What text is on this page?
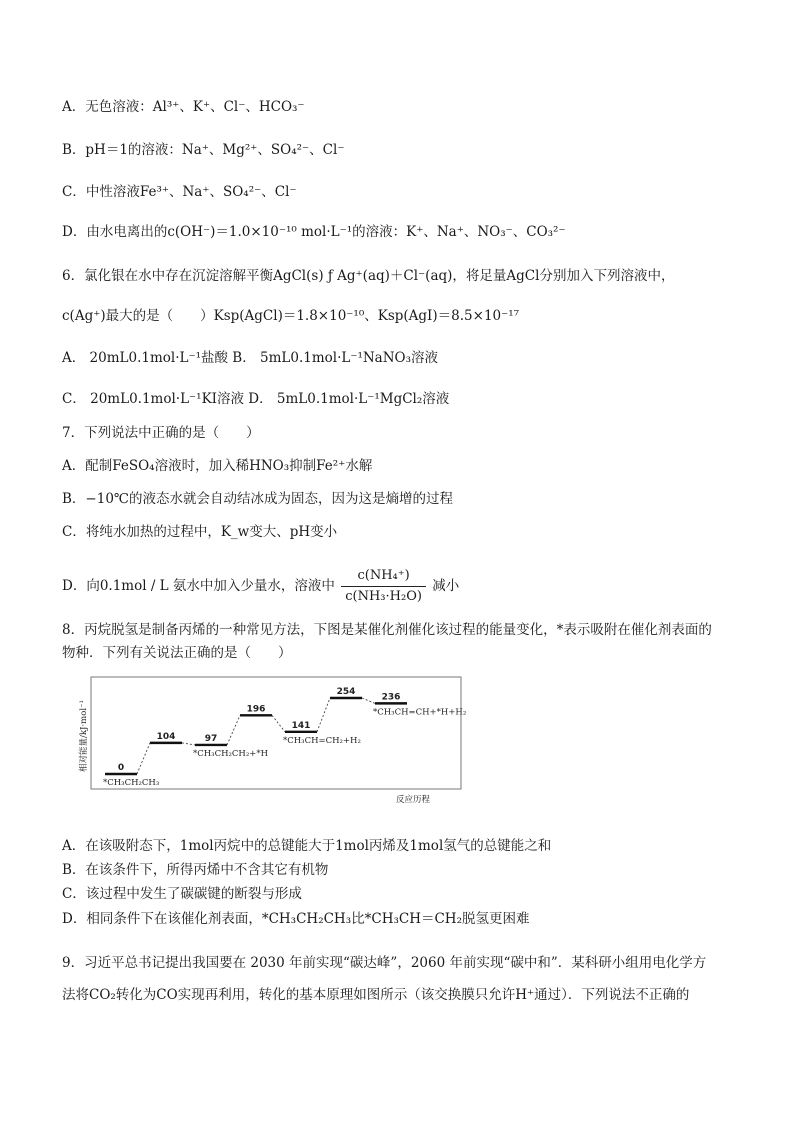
A．无色溶液：Al³⁺、K⁺、Cl⁻、HCO₃⁻
B．pH＝1的溶液：Na⁺、Mg²⁺、SO₄²⁻、Cl⁻
C．中性溶液Fe³⁺、Na⁺、SO₄²⁻、Cl⁻
D．由水电离出的c(OH⁻)＝1.0×10⁻¹⁰ mol·L⁻¹的溶液：K⁺、Na⁺、NO₃⁻、CO₃²⁻
6．氯化银在水中存在沉淀溶解平衡AgCl(s) ƒ Ag⁺(aq)＋Cl⁻(aq)，将足量AgCl分别加入下列溶液中，
c(Ag⁺)最大的是（　　）Ksp(AgCl)＝1.8×10⁻¹⁰、Ksp(AgI)＝8.5×10⁻¹⁷
A． 20mL0.1mol·L⁻¹盐酸 B． 5mL0.1mol·L⁻¹NaNO₃溶液
C． 20mL0.1mol·L⁻¹KI溶液 D． 5mL0.1mol·L⁻¹MgCl₂溶液
7．下列说法中正确的是（　　）
A．配制FeSO₄溶液时，加入稀HNO₃抑制Fe²⁺水解
B．−10℃的液态水就会自动结冰成为固态，因为这是熵增的过程
C．将纯水加热的过程中，K_w变大、pH变小
D．向0.1mol / L 氨水中加入少量水，溶液中 $\frac{\text{c(NH₄⁺)}}{\text{c(NH₃·H₂O)}}$ 减小
8．丙烷脱氢是制备丙烯的一种常见方法，下图是某催化剂催化该过程的能量变化，*表示吸附在催化剂表面的
物种．下列有关说法正确的是（　　）
相对能量/kJ·mol⁻¹
反应历程
0
*CH₃CH₂CH₃
104	97
*CH₃CH₂CH₂+*H
196
141
*CH₃CH=CH₂+H₂
254
236
*CH₃CH=CH+*H+H₂
A．在该吸附态下，1mol丙烷中的总键能大于1mol丙烯及1mol氢气的总键能之和
B．在该条件下，所得丙烯中不含其它有机物
C．该过程中发生了碳碳键的断裂与形成
D．相同条件下在该催化剂表面，*CH₃CH₂CH₃比*CH₃CH＝CH₂脱氢更困难
9．习近平总书记提出我国要在 2030 年前实现“碳达峰”，2060 年前实现“碳中和”．某科研小组用电化学方
法将CO₂转化为CO实现再利用，转化的基本原理如图所示（该交换膜只允许H⁺通过）．下列说法不正确的
